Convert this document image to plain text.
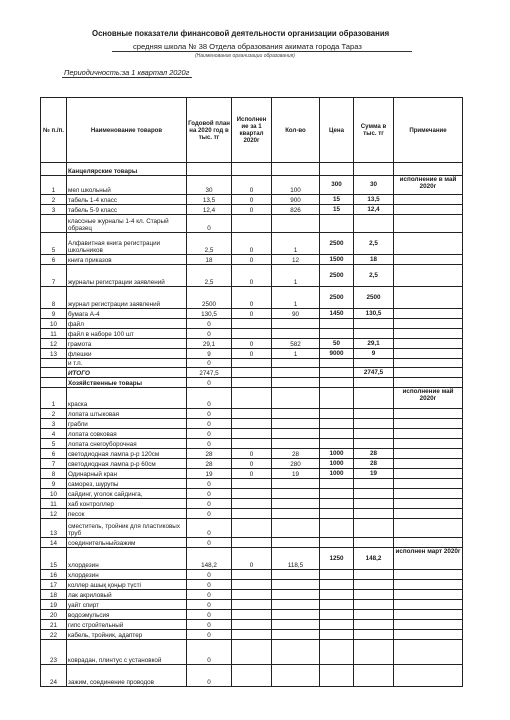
Основные показатели финансовой деятельности организации образования
средняя школа № 38 Отдела образования акимата города Тараз
(Наименование организации образования)
Периодичность:за 1 квартал 2020г
№ п./п.	Наименование товаров	Годовой план на 2020 год в тыс. тг	Исполнен ие за 1 квартал 2020г	Кол-во	Цена	Сумма в тыс. тг	Примечание
	Канцелярские товары						
1	мел школьный	30	0	100	300	30	исполнение в май 2020г
2	табель 1-4 класс	13,5	0	900	15	13,5	
3	табель 5-9 класс	12,4	0	826	15	12,4	
	классные журналы 1-4 кл. Старый образец	0					
5	Алфавитная книга регистрации школьников	2,5	0	1	2500	2,5	
6	книга приказов	18	0	12	1500	18	
7	журналы регистрации заявлений	2,5	0	1	2500	2,5	
8	журнал регистрации заявлений	2500	0	1	2500	2500	
9	бумага А-4	130,5	0	90	1450	130,5	
10	файл	0					
11	файл в наборе 100 шт	0					
12	грамота	29,1	0	582	50	29,1	
13	флешки	9	0	1	9000	9	
	и т.п.	0					
	ИТОГО	2747,5				2747,5	
	Хозяйственные товары	0					
1	краска	0					исполнение май 2020г
2	лопата штыковая	0					
3	грабли	0					
4	лопата совковая	0					
5	лопата снегоуборочная	0					
6	светодиодная лампа р-р 120см	28	0	28	1000	28	
7	светодиодная лампа р-р 60см	28	0	280	1000	28	
8	Одинарный кран	19	0	19	1000	19	
9	саморез, шурупы	0					
10	сайдинг, уголок сайдинга,	0					
11	хаб контроллер	0					
12	песок	0					
13	сместитель, тройник для пластиковых труб	0					
14	соединительныйзажим	0					
15	хлордезин	148,2	0	118,5	1250	148,2	исполнен март 2020г
16	хлордезин	0					
17	коллер ашық қоңыр түсті	0					
18	лак акриловый	0					
19	уайт спирт	0					
20	водоэмульсия	0					
21	гипс стройтельный	0					
22	кабель, тройник, адаптер	0					
23	коврадан, плинтус с установкой	0					
24	зажим, соединение проводов	0					
